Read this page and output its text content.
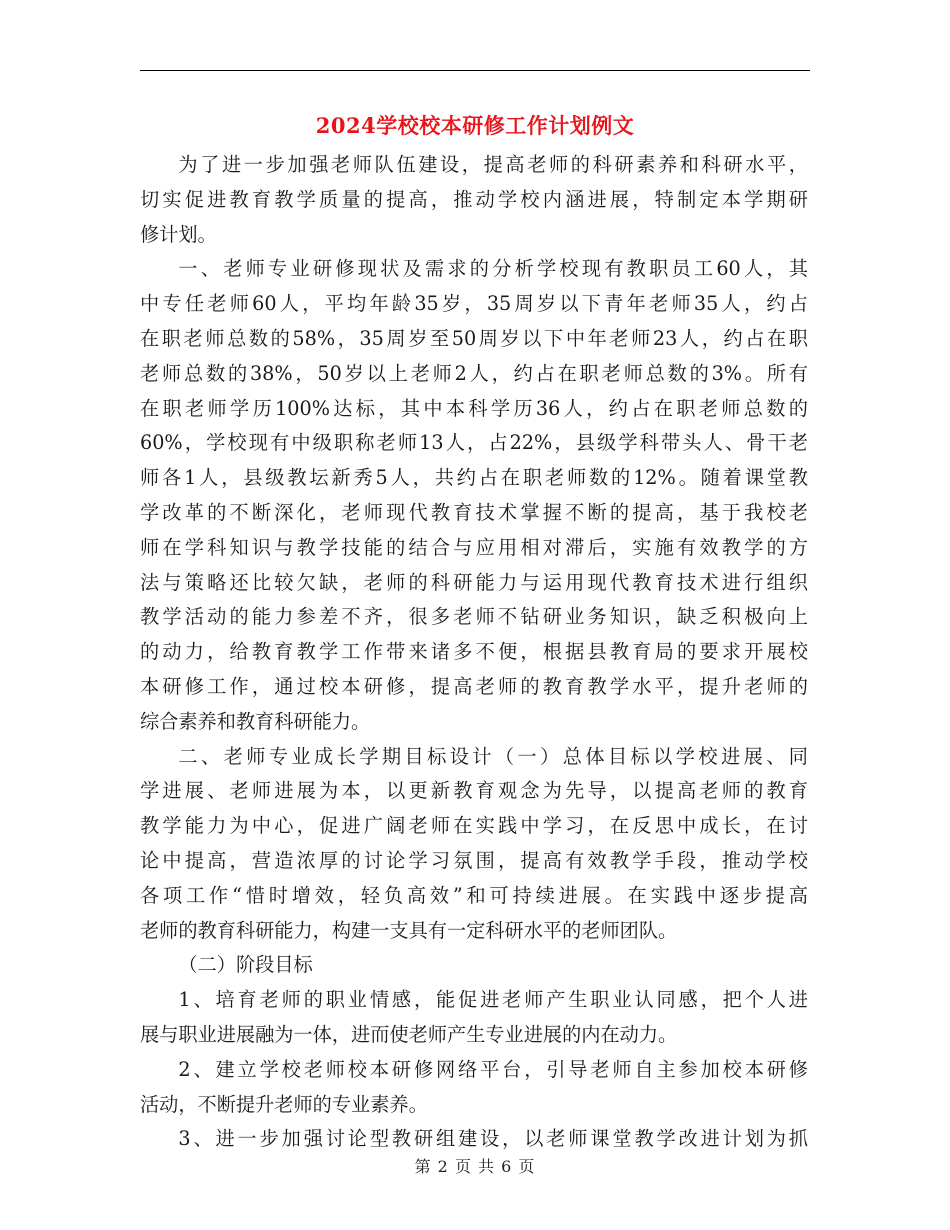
2024学校校本研修工作计划例文

为了进一步加强老师队伍建设，提高老师的科研素养和科研水平，

切实促进教育教学质量的提高，推动学校内涵进展，特制定本学期研

修计划。

一、老师专业研修现状及需求的分析学校现有教职员工60人，其

中专任老师60人，平均年龄35岁，35周岁以下青年老师35人，约占

在职老师总数的58%，35周岁至50周岁以下中年老师23人，约占在职

老师总数的38%，50岁以上老师2人，约占在职老师总数的3%。所有

在职老师学历100%达标，其中本科学历36人，约占在职老师总数的

60%，学校现有中级职称老师13人，占22%，县级学科带头人、骨干老

师各1人，县级教坛新秀5人，共约占在职老师数的12%。随着课堂教

学改革的不断深化，老师现代教育技术掌握不断的提高，基于我校老

师在学科知识与教学技能的结合与应用相对滞后，实施有效教学的方

法与策略还比较欠缺，老师的科研能力与运用现代教育技术进行组织

教学活动的能力参差不齐，很多老师不钻研业务知识，缺乏积极向上

的动力，给教育教学工作带来诸多不便，根据县教育局的要求开展校

本研修工作，通过校本研修，提高老师的教育教学水平，提升老师的

综合素养和教育科研能力。

二、老师专业成长学期目标设计（一）总体目标以学校进展、同

学进展、老师进展为本，以更新教育观念为先导，以提高老师的教育

教学能力为中心，促进广阔老师在实践中学习，在反思中成长，在讨

论中提高，营造浓厚的讨论学习氛围，提高有效教学手段，推动学校

各项工作“惜时增效，轻负高效”和可持续进展。在实践中逐步提高

老师的教育科研能力，构建一支具有一定科研水平的老师团队。

（二）阶段目标

1、培育老师的职业情感，能促进老师产生职业认同感，把个人进

展与职业进展融为一体，进而使老师产生专业进展的内在动力。

2、建立学校老师校本研修网络平台，引导老师自主参加校本研修

活动，不断提升老师的专业素养。

3、进一步加强讨论型教研组建设，以老师课堂教学改进计划为抓

第 2 页 共 6 页
